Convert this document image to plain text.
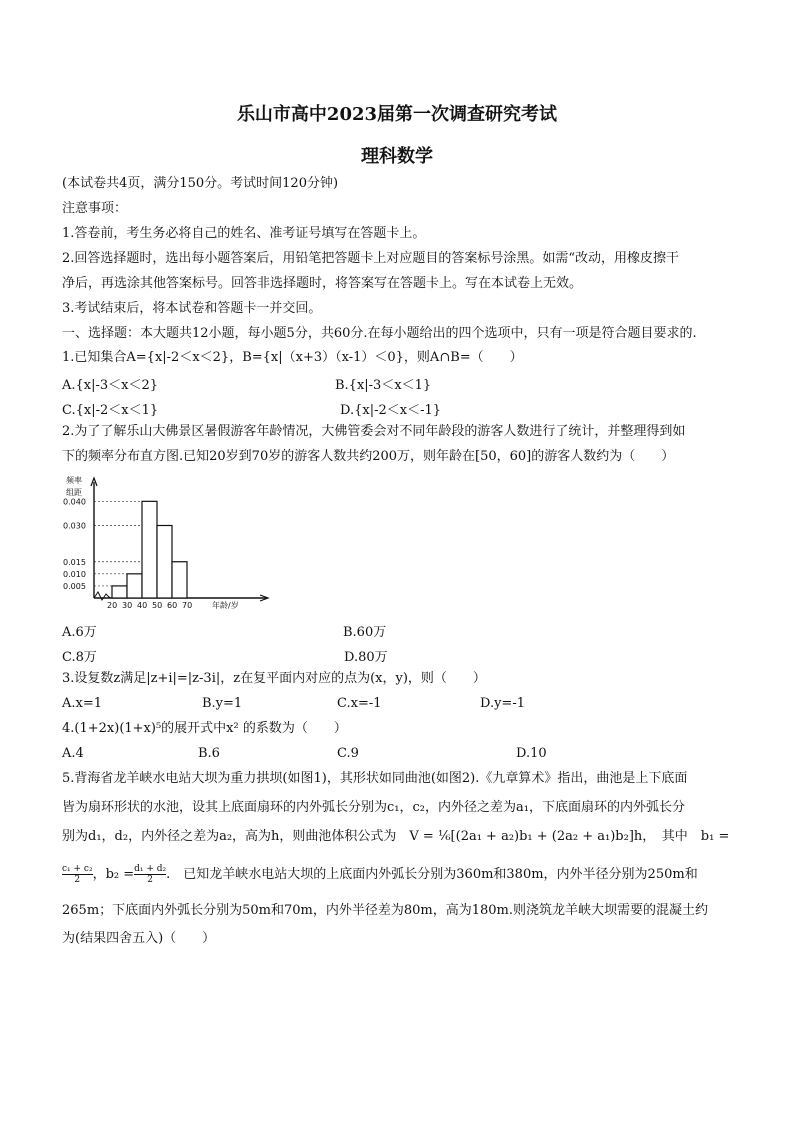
乐山市高中2023届第一次调查研究考试
理科数学
(本试卷共4页，满分150分。考试时间120分钟)
注意事项：
1.答卷前，考生务必将自己的姓名、准考证号填写在答题卡上。
2.回答选择题时，选出每小题答案后，用铅笔把答题卡上对应题目的答案标号涂黑。如需“改动，用橡皮擦干
净后，再选涂其他答案标号。回答非选择题时，将答案写在答题卡上。写在本试卷上无效。
3.考试结束后，将本试卷和答题卡一并交回。
一、选择题：本大题共12小题，每小题5分，共60分.在每小题给出的四个选项中，只有一项是符合题目要求的.
1.已知集合A={x|-2＜x＜2}，B={x|（x+3）（x-1）＜0}，则A∩B=（　　）
A.{x|-3＜x＜2}	B.{x|-3＜x＜1}
C.{x|-2＜x＜1}	D.{x|-2＜x＜-1}
2.为了了解乐山大佛景区暑假游客年龄情况，大佛管委会对不同年龄段的游客人数进行了统计，并整理得到如
下的频率分布直方图.已知20岁到70岁的游客人数共约200万，则年龄在[50，60]的游客人数约为（　　）
频率
组距
年龄/岁
0.040
0.030
0.015
0.010
0.005
20 30 40 50 60 70
A.6万	B.60万
C.8万	D.80万
3.设复数z满足|z+i|=|z-3i|，z在复平面内对应的点为(x，y)，则（　　）
A.x=1	B.y=1	C.x=-1	D.y=-1
4.(1+2x)(1+x)⁵的展开式中x² 的系数为（　　）
A.4	B.6	C.9	D.10
5.背海省龙羊峡水电站大坝为重力拱坝(如图1)，其形状如同曲池(如图2).《九章算术》指出，曲池是上下底面
皆为扇环形状的水池，设其上底面扇环的内外弧长分别为c₁，c₂，内外径之差为a₁，下底面扇环的内外弧长分
别为d₁，d₂，内外径之差为a₂，高为h，则曲池体积公式为　V = ⅙[(2a₁ + a₂)b₁ + (2a₂ + a₁)b₂]h，　其中　b₁ =
$\frac{\text{c₁ + c₂}}{2}$ ，$b_2 = \frac{\text{d₁ + d₂}}{2}$ .　已知龙羊峡水电站大坝的上底面内外弧长分别为360m和380m，内外半径分别为250m和
265m；下底面内外弧长分别为50m和70m，内外半径差为80m，高为180m.则浇筑龙羊峡大坝需要的混凝土约
为(结果四舍五入)（　　）
